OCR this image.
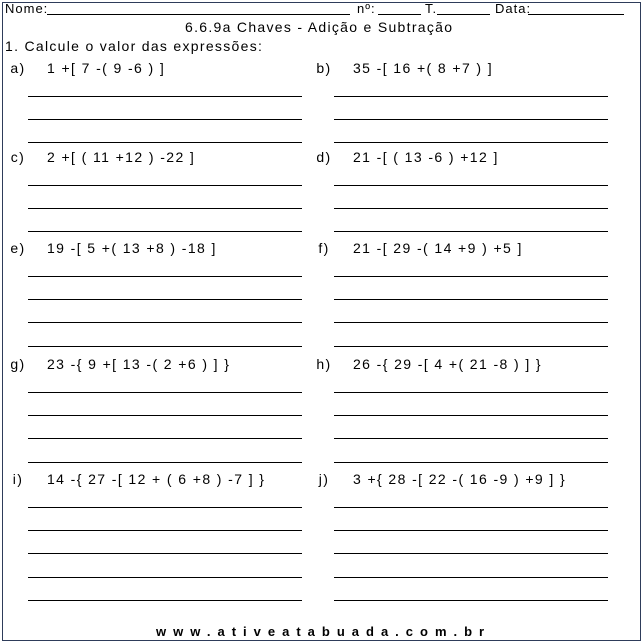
Nome:	nº:	T.	Data:
6.6.9a Chaves - Adição e Subtração
1. Calcule o valor das expressões:
a) 1 +[ 7 -( 9 -6 ) ]	b) 35 -[ 16 +( 8 +7 ) ]
c) 2 +[ ( 11 +12 ) -22 ]	d) 21 -[ ( 13 -6 ) +12 ]
e) 19 -[ 5 +( 13 +8 ) -18 ]	f)	21 -[ 29 -( 14 +9 ) +5 ]
g) 23 -{ 9 +[ 13 -( 2 +6 ) ] }	h) 26 -{ 29 -[ 4 +( 21 -8 ) ] }
i)	14 -{ 27 -[ 12 + ( 6 +8 ) -7 ] }	j)	3 +{ 28 -[ 22 -( 16 -9 ) +9 ] }
www.ativeatabuada.com.br
